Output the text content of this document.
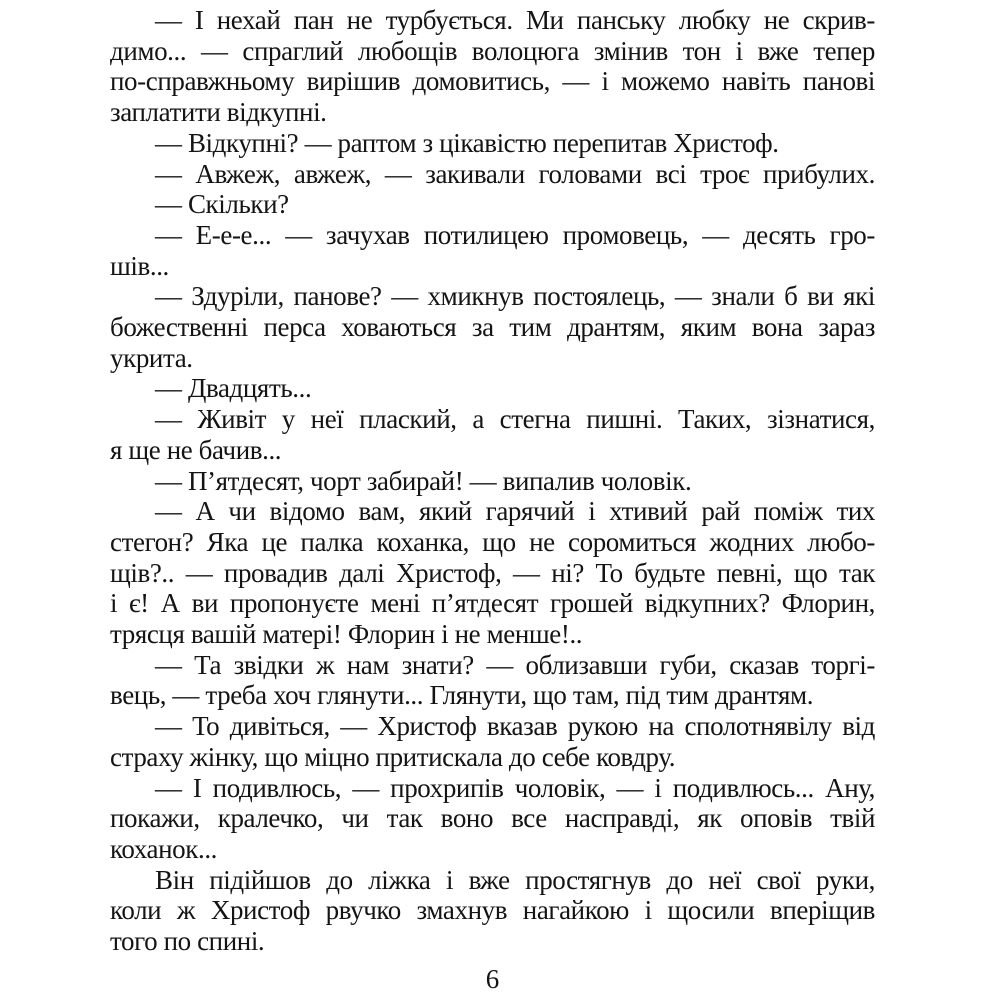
— І нехай пан не турбується. Ми панську любку не скрив-
димо... — спраглий любощів волоцюга змінив тон і вже тепер
по-справжньому вирішив домовитись, — і можемо навіть панові
заплатити відкупні.
— Відкупні? — раптом з цікавістю перепитав Христоф.
— Авжеж, авжеж, — закивали головами всі троє прибулих.
— Скільки?
— Е-е-е... — зачухав потилицею промовець, — десять гро-
шів...
— Здуріли, панове? — хмикнув постоялець, — знали б ви які
божественні перса ховаються за тим дрантям, яким вона зараз
укрита.
— Двадцять...
— Живіт у неї плаский, а стегна пишні. Таких, зізнатися,
я ще не бачив...
— П’ятдесят, чорт забирай! — випалив чоловік.
— А чи відомо вам, який гарячий і хтивий рай поміж тих
стегон? Яка це палка коханка, що не соромиться жодних любо-
щів?.. — провадив далі Христоф, — ні? То будьте певні, що так
і є! А ви пропонуєте мені п’ятдесят грошей відкупних? Флорин,
трясця вашій матері! Флорин і не менше!..
— Та звідки ж нам знати? — облизавши губи, сказав торгі-
вець, — треба хоч глянути... Глянути, що там, під тим дрантям.
— То дивіться, — Христоф вказав рукою на сполотнявілу від
страху жінку, що міцно притискала до себе ковдру.
— І подивлюсь, — прохрипів чоловік, — і подивлюсь... Ану,
покажи, кралечко, чи так воно все насправді, як оповів твій
коханок...
Він підійшов до ліжка і вже простягнув до неї свої руки,
коли ж Христоф рвучко змахнув нагайкою і щосили вперіщив
того по спині.
6
